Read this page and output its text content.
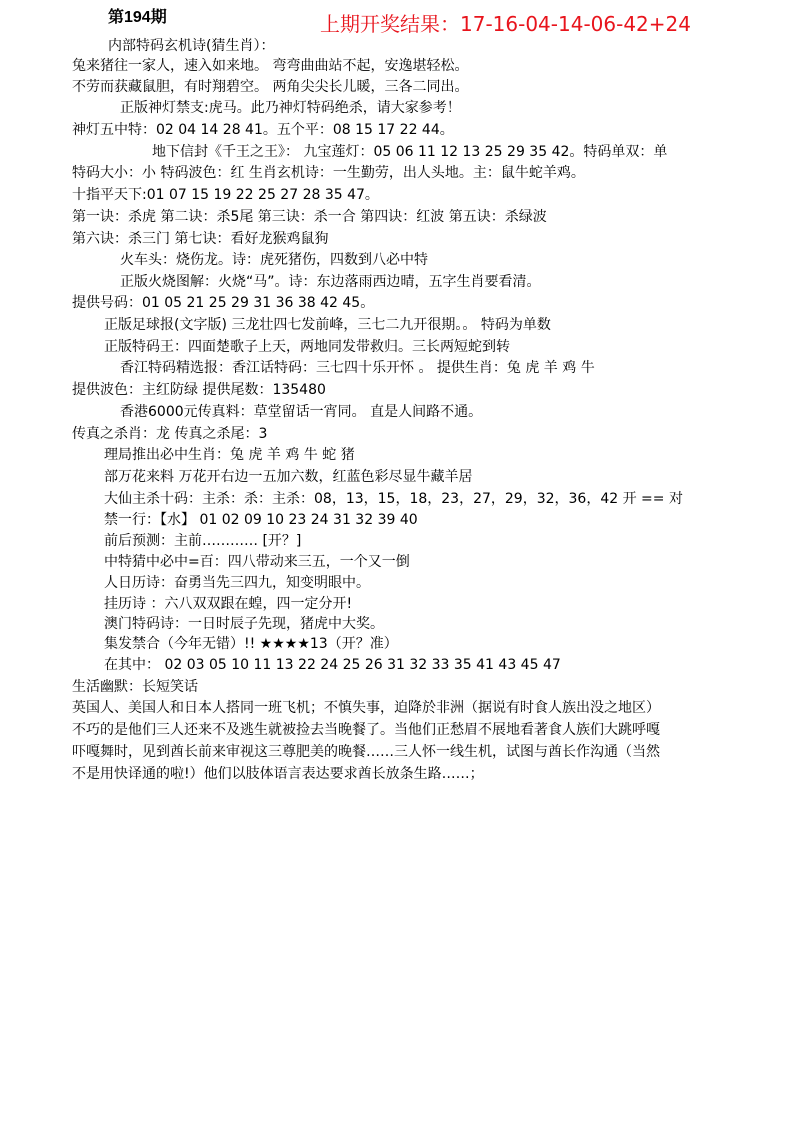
第194期	上期开奖结果：17-16-04-14-06-42+24
内部特码玄机诗(猜生肖）：
兔来猪往一家人，速入如来地。 弯弯曲曲站不起，安逸堪轻松。
不劳而获藏鼠胆，有时翔碧空。 两角尖尖长儿暖，三各二同出。
正版神灯禁支:虎马。此乃神灯特码绝杀，请大家参考！
神灯五中特：02 04 14 28 41。五个平：08 15 17 22 44。
地下信封《千王之王》： 九宝莲灯：05 06 11 12 13 25 29 35 42。特码单双：单
特码大小：小 特码波色：红 生肖玄机诗：一生勤劳，出人头地。主：鼠牛蛇羊鸡。
十指平天下:01 07 15 19 22 25 27 28 35 47。
第一诀：杀虎 第二诀：杀5尾 第三诀：杀一合 第四诀：红波 第五诀：杀绿波
第六诀：杀三门 第七诀：看好龙猴鸡鼠狗
火车头：烧伤龙。诗：虎死猪伤，四数到八必中特
正版火烧图解：火烧“马”。诗：东边落雨西边晴，五字生肖要看清。
提供号码：01 05 21 25 29 31 36 38 42 45。
正版足球报(文字版) 三龙壮四七发前峰，三七二九开很期。。 特码为单数
正版特码王：四面楚歌子上天，两地同发带救归。三长两短蛇到转
香江特码精选报：香江话特码：三七四十乐开怀 。 提供生肖：兔 虎 羊 鸡 牛
提供波色：主红防绿 提供尾数：135480
香港6000元传真料：草堂留话一宵同。 直是人间路不通。
传真之杀肖：龙 传真之杀尾：3
理局推出必中生肖：兔 虎 羊 鸡 牛 蛇 猪
部万花来料 万花开右边一五加六数，红蓝色彩尽显牛藏羊居
大仙主杀十码：主杀：杀：主杀：08，13，15，18，23，27，29，32，36，42 开 == 对
禁一行：【水】 01 02 09 10 23 24 31 32 39 40
前后预测：主前………… [开？]
中特猜中必中=百：四八带动来三五，一个又一倒
人日历诗：奋勇当先三四九，知变明眼中。
挂历诗 ：六八双双跟在蝗，四一定分开!
澳门特码诗：一日时辰子先现，猪虎中大奖。
集发禁合（今年无错）!! ★★★★13（开？准）
在其中： 02 03 05 10 11 13 22 24 25 26 31 32 33 35 41 43 45 47
生活幽默：长短笑话
英国人、美国人和日本人搭同一班飞机；不慎失事，迫降於非洲（据说有时食人族出没之地区）
不巧的是他们三人还来不及逃生就被捡去当晚餐了。当他们正愁眉不展地看著食人族们大跳呼嘎
吓嘎舞时，见到酋长前来审视这三尊肥美的晚餐……三人怀一线生机，试图与酋长作沟通（当然
不是用快译通的啦!）他们以肢体语言表达要求酋长放条生路……；
